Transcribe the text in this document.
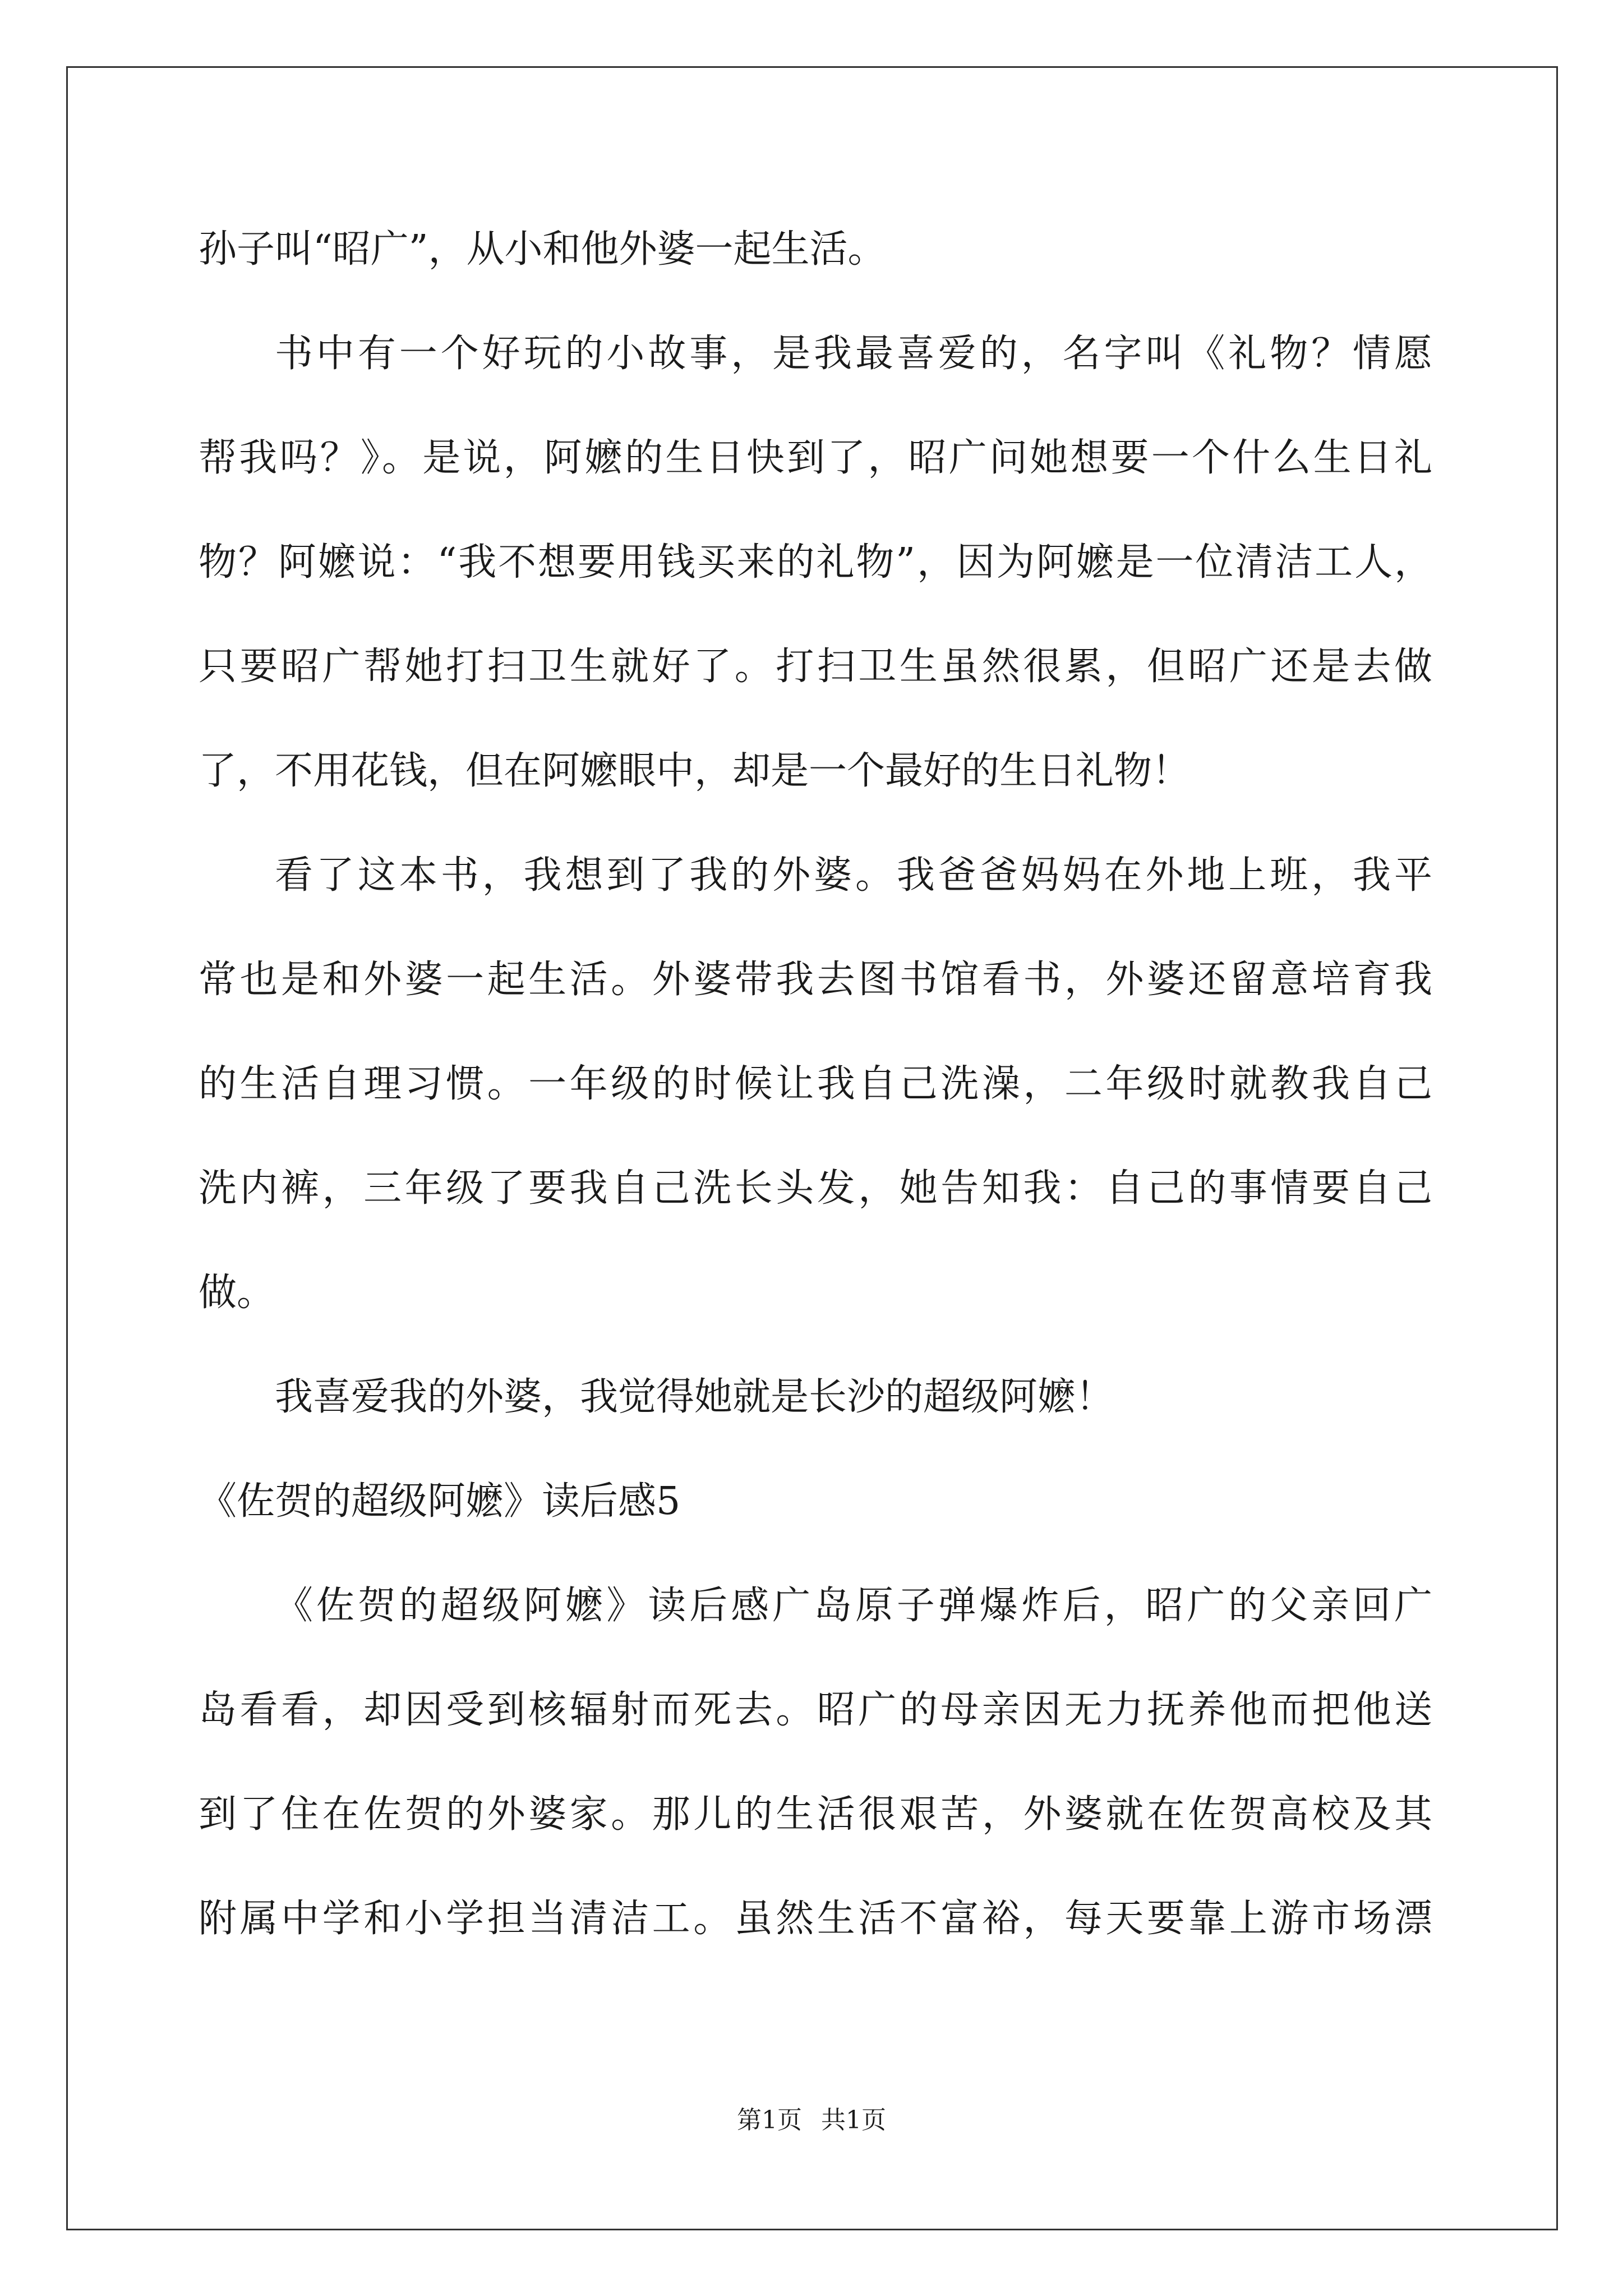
孙子叫“昭广”，从小和他外婆一起生活。
书中有一个好玩的小故事，是我最喜爱的，名字叫《礼物？情愿
帮我吗？》。是说，阿嬷的生日快到了，昭广问她想要一个什么生日礼
物？阿嬷说：“我不想要用钱买来的礼物”，因为阿嬷是一位清洁工人，
只要昭广帮她打扫卫生就好了。打扫卫生虽然很累，但昭广还是去做
了，不用花钱，但在阿嬷眼中，却是一个最好的生日礼物！
看了这本书，我想到了我的外婆。我爸爸妈妈在外地上班，我平
常也是和外婆一起生活。外婆带我去图书馆看书，外婆还留意培育我
的生活自理习惯。一年级的时候让我自己洗澡，二年级时就教我自己
洗内裤，三年级了要我自己洗长头发，她告知我：自己的事情要自己
做。
我喜爱我的外婆，我觉得她就是长沙的超级阿嬷！
《佐贺的超级阿嬷》读后感5
《佐贺的超级阿嬷》读后感广岛原子弹爆炸后，昭广的父亲回广
岛看看，却因受到核辐射而死去。昭广的母亲因无力抚养他而把他送
到了住在佐贺的外婆家。那儿的生活很艰苦，外婆就在佐贺高校及其
附属中学和小学担当清洁工。虽然生活不富裕，每天要靠上游市场漂
第1页 共1页
